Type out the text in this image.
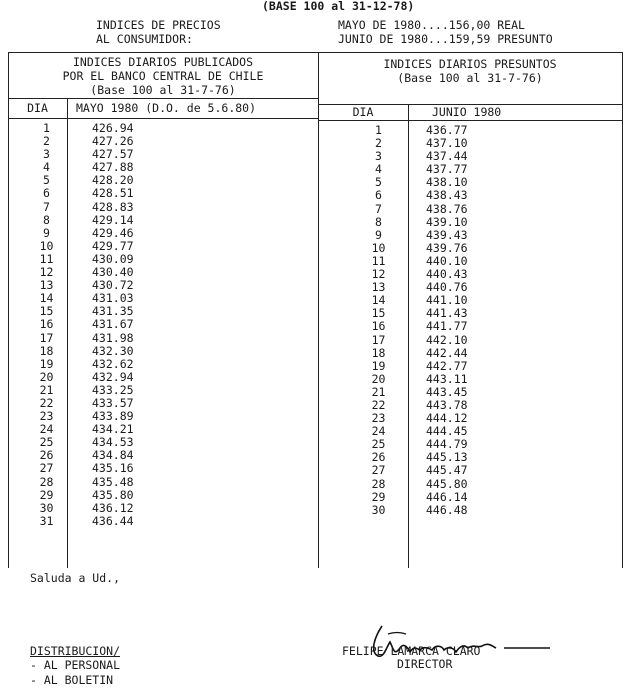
(BASE 100 al 31-12-78)
INDICES DE PRECIOS
AL CONSUMIDOR:
MAYO DE 1980....156,00 REAL
JUNIO DE 1980...159,59 PRESUNTO
INDICES DIARIOS PUBLICADOS
POR EL BANCO CENTRAL DE CHILE
(Base 100 al 31-7-76)
DIA	MAYO 1980 (D.O. de 5.6.80)
INDICES DIARIOS PRESUNTOS
(Base 100 al 31-7-76)
DIA	JUNIO 1980
1
2
3
4
5
6
7
8
9
10
11
12
13
14
15
16
17
18
19
20
21
22
23
24
25
26
27
28
29
30
31
426.94
427.26
427.57
427.88
428.20
428.51
428.83
429.14
429.46
429.77
430.09
430.40
430.72
431.03
431.35
431.67
431.98
432.30
432.62
432.94
433.25
433.57
433.89
434.21
434.53
434.84
435.16
435.48
435.80
436.12
436.44
1
2
3
4
5
6
7
8
9
10
11
12
13
14
15
16
17
18
19
20
21
22
23
24
25
26
27
28
29
30
436.77
437.10
437.44
437.77
438.10
438.43
438.76
439.10
439.43
439.76
440.10
440.43
440.76
441.10
441.43
441.77
442.10
442.44
442.77
443.11
443.45
443.78
444.12
444.45
444.79
445.13
445.47
445.80
446.14
446.48
Saluda a Ud.,

FELIPE LAMARCA CLARO
DIRECTOR
DISTRIBUCION/
- AL PERSONAL
- AL BOLETIN
